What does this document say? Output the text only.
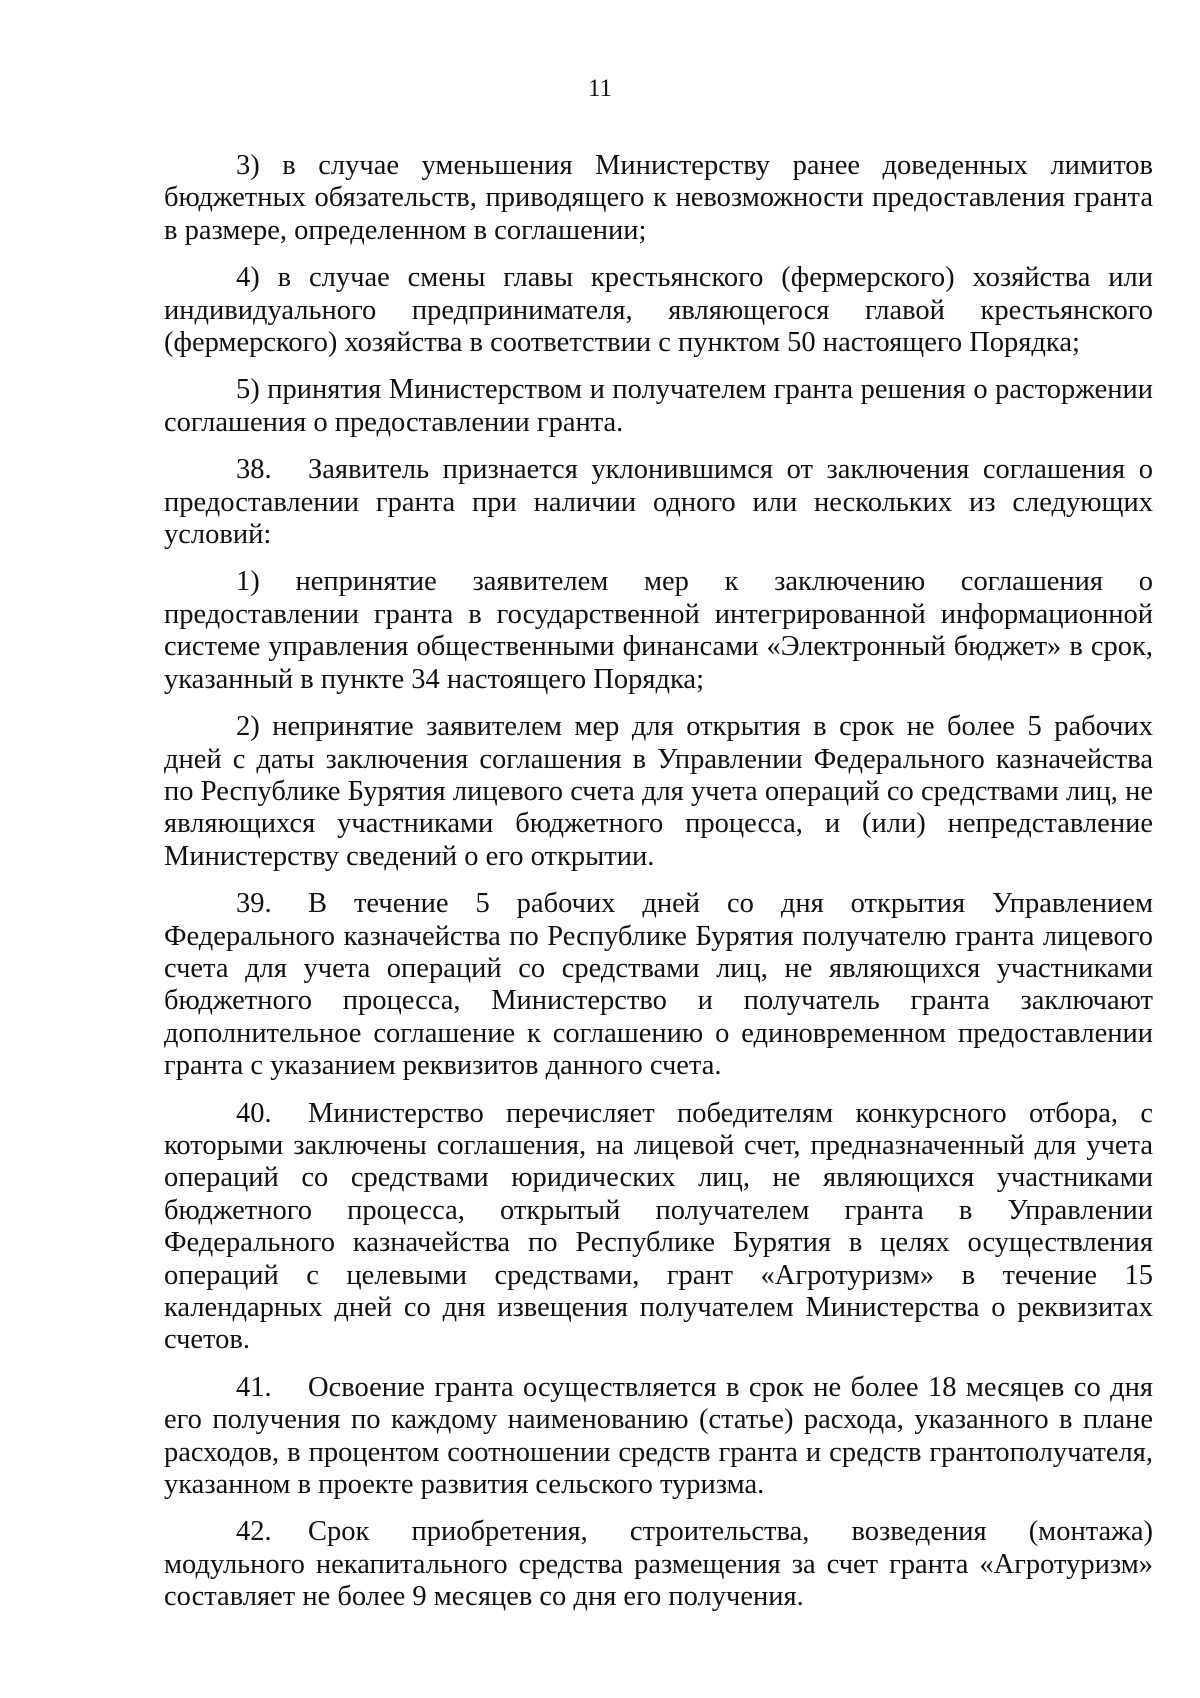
11

3) в случае уменьшения Министерству ранее доведенных лимитов бюджетных обязательств, приводящего к невозможности предоставления гранта в размере, определенном в соглашении;

4) в случае смены главы крестьянского (фермерского) хозяйства или индивидуального предпринимателя, являющегося главой крестьянского (фермерского) хозяйства в соответствии с пунктом 50 настоящего Порядка;

5) принятия Министерством и получателем гранта решения о расторжении соглашения о предоставлении гранта.

38. Заявитель признается уклонившимся от заключения соглашения о предоставлении гранта при наличии одного или нескольких из следующих условий:

1) непринятие заявителем мер к заключению соглашения о предоставлении гранта в государственной интегрированной информационной системе управления общественными финансами «Электронный бюджет» в срок, указанный в пункте 34 настоящего Порядка;

2) непринятие заявителем мер для открытия в срок не более 5 рабочих дней с даты заключения соглашения в Управлении Федерального казначейства по Республике Бурятия лицевого счета для учета операций со средствами лиц, не являющихся участниками бюджетного процесса, и (или) непредставление Министерству сведений о его открытии.

39. В течение 5 рабочих дней со дня открытия Управлением Федерального казначейства по Республике Бурятия получателю гранта лицевого счета для учета операций со средствами лиц, не являющихся участниками бюджетного процесса, Министерство и получатель гранта заключают дополнительное соглашение к соглашению о единовременном предоставлении гранта с указанием реквизитов данного счета.

40. Министерство перечисляет победителям конкурсного отбора, с которыми заключены соглашения, на лицевой счет, предназначенный для учета операций со средствами юридических лиц, не являющихся участниками бюджетного процесса, открытый получателем гранта в Управлении Федерального казначейства по Республике Бурятия в целях осуществления операций с целевыми средствами, грант «Агротуризм» в течение 15 календарных дней со дня извещения получателем Министерства о реквизитах счетов.

41. Освоение гранта осуществляется в срок не более 18 месяцев со дня его получения по каждому наименованию (статье) расхода, указанного в плане расходов, в процентом соотношении средств гранта и средств грантополучателя, указанном в проекте развития сельского туризма.

42. Срок приобретения, строительства, возведения (монтажа) модульного некапитального средства размещения за счет гранта «Агротуризм» составляет не более 9 месяцев со дня его получения.
